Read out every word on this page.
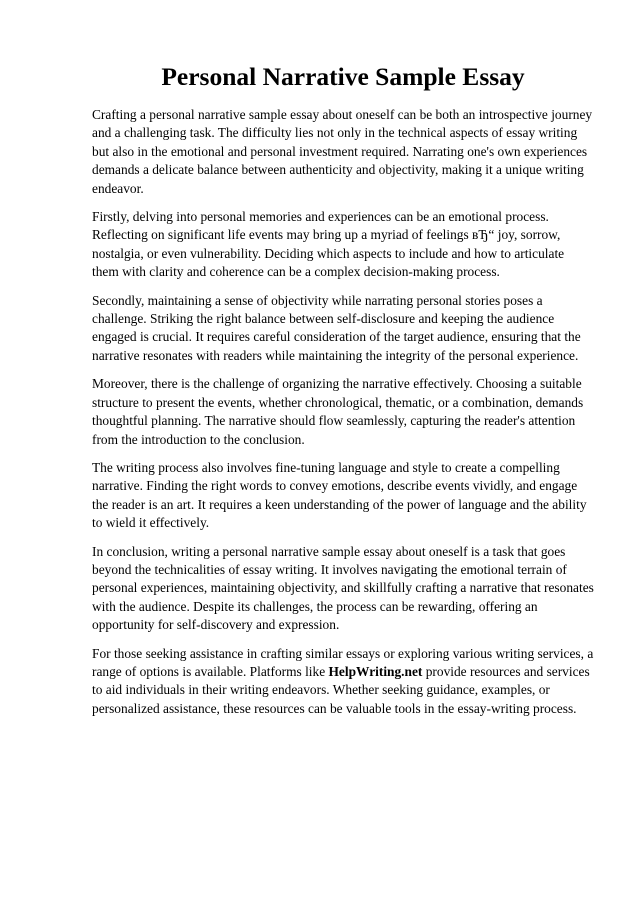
Personal Narrative Sample Essay

Crafting a personal narrative sample essay about oneself can be both an introspective journey and a challenging task. The difficulty lies not only in the technical aspects of essay writing but also in the emotional and personal investment required. Narrating one's own experiences demands a delicate balance between authenticity and objectivity, making it a unique writing endeavor.

Firstly, delving into personal memories and experiences can be an emotional process. Reflecting on significant life events may bring up a myriad of feelings вЂ“ joy, sorrow, nostalgia, or even vulnerability. Deciding which aspects to include and how to articulate them with clarity and coherence can be a complex decision-making process.

Secondly, maintaining a sense of objectivity while narrating personal stories poses a challenge. Striking the right balance between self-disclosure and keeping the audience engaged is crucial. It requires careful consideration of the target audience, ensuring that the narrative resonates with readers while maintaining the integrity of the personal experience.

Moreover, there is the challenge of organizing the narrative effectively. Choosing a suitable structure to present the events, whether chronological, thematic, or a combination, demands thoughtful planning. The narrative should flow seamlessly, capturing the reader's attention from the introduction to the conclusion.

The writing process also involves fine-tuning language and style to create a compelling narrative. Finding the right words to convey emotions, describe events vividly, and engage the reader is an art. It requires a keen understanding of the power of language and the ability to wield it effectively.

In conclusion, writing a personal narrative sample essay about oneself is a task that goes beyond the technicalities of essay writing. It involves navigating the emotional terrain of personal experiences, maintaining objectivity, and skillfully crafting a narrative that resonates with the audience. Despite its challenges, the process can be rewarding, offering an opportunity for self-discovery and expression.

For those seeking assistance in crafting similar essays or exploring various writing services, a range of options is available. Platforms like HelpWriting.net provide resources and services to aid individuals in their writing endeavors. Whether seeking guidance, examples, or personalized assistance, these resources can be valuable tools in the essay-writing process.
